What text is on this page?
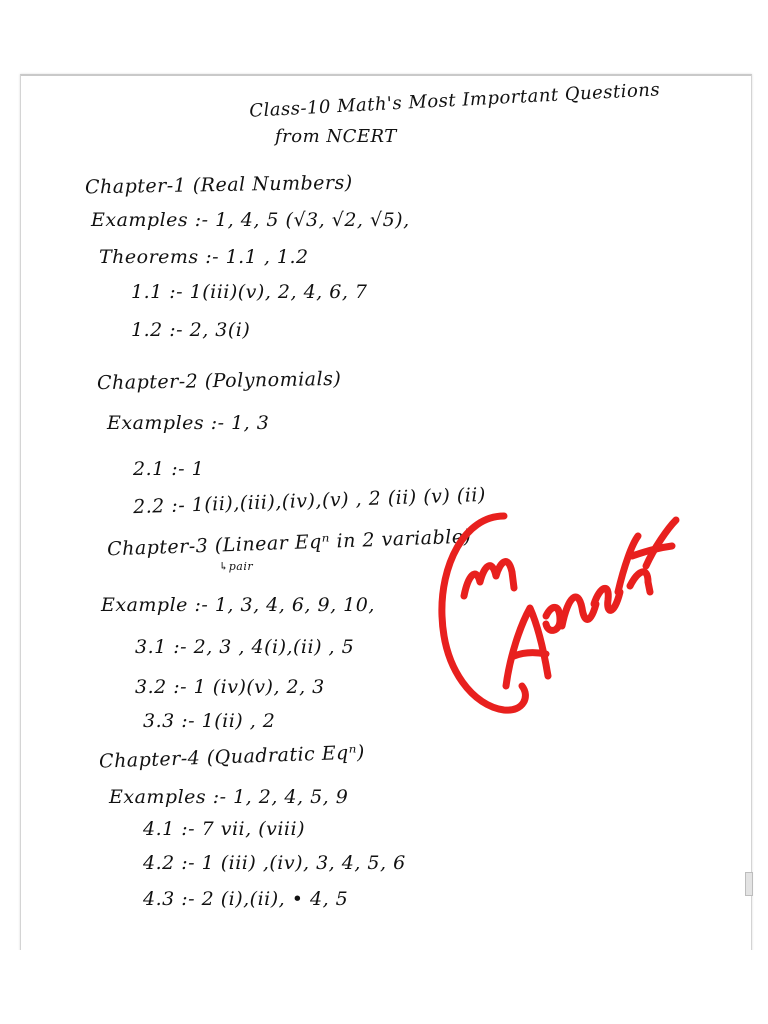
Class-10 Math's Most Important Questions
from NCERT
Chapter-1 (Real Numbers)
Examples :- 1, 4, 5 (√3, √2, √5),
Theorems :- 1.1 , 1.2
1.1 :- 1(iii)(v), 2, 4, 6, 7
1.2 :- 2, 3(i)
Chapter-2 (Polynomials)
Examples :- 1, 3
2.1 :- 1
2.2 :- 1(ii),(iii),(iv),(v) , 2 (ii) (v) (ii)
Chapter-3 (Linear Eqⁿ in 2 variable)
↳pair
Example :- 1, 3, 4, 6, 9, 10,
3.1 :- 2, 3 , 4(i),(ii) , 5
3.2 :- 1 (iv)(v), 2, 3
3.3 :- 1(ii) , 2
Chapter-4 (Quadratic Eqⁿ)
Examples :- 1, 2, 4, 5, 9
4.1 :- 7 vii, (viii)
4.2 :- 1 (iii) ,(iv), 3, 4, 5, 6
4.3 :- 2 (i),(ii), • 4, 5
